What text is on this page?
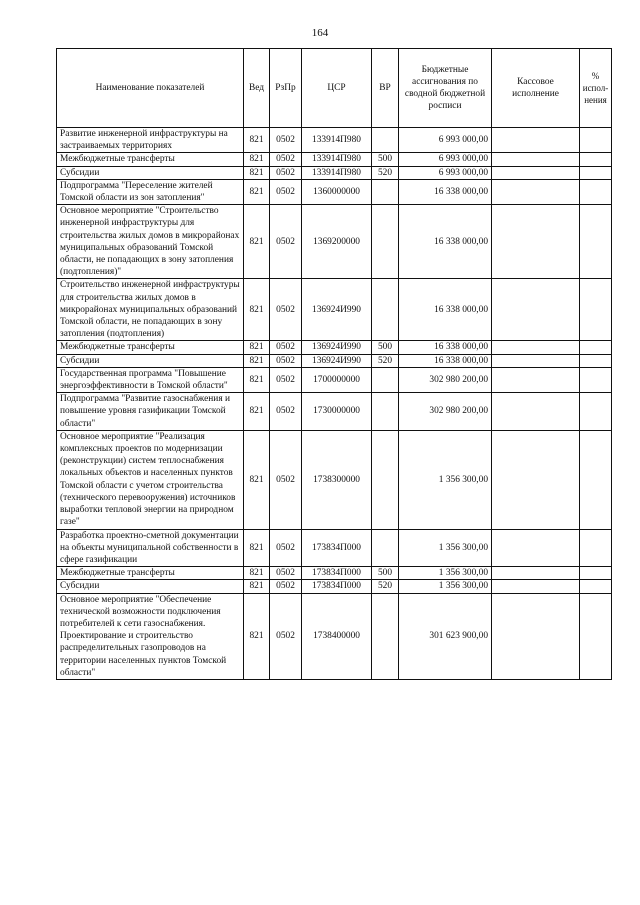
164
Наименование показателей	Вед	РзПр	ЦСР	ВР	Бюджетные ассигнования по сводной бюджетной росписи	Кассовое исполнение	% испол-нения
Развитие инженерной инфраструктуры на застраиваемых территориях	821	0502	133914П980		6 993 000,00		
Межбюджетные трансферты	821	0502	133914П980	500	6 993 000,00		
Субсидии	821	0502	133914П980	520	6 993 000,00		
Подпрограмма "Переселение жителей Томской области из зон затопления"	821	0502	1360000000		16 338 000,00		
Основное мероприятие "Строительство инженерной инфраструктуры для строительства жилых домов в микрорайонах муниципальных образований Томской области, не попадающих в зону затопления (подтопления)"	821	0502	1369200000		16 338 000,00		
Строительство инженерной инфраструктуры для строительства жилых домов в микрорайонах муниципальных образований Томской области, не попадающих в зону затопления (подтопления)	821	0502	136924И990		16 338 000,00		
Межбюджетные трансферты	821	0502	136924И990	500	16 338 000,00		
Субсидии	821	0502	136924И990	520	16 338 000,00		
Государственная программа "Повышение энергоэффективности в Томской области"	821	0502	1700000000		302 980 200,00		
Подпрограмма "Развитие газоснабжения и повышение уровня газификации Томской области"	821	0502	1730000000		302 980 200,00		
Основное мероприятие "Реализация комплексных проектов по модернизации (реконструкции) систем теплоснабжения локальных объектов и населенных пунктов Томской области с учетом строительства (технического перевооружения) источников выработки тепловой энергии на природном газе"	821	0502	1738300000		1 356 300,00		
Разработка проектно-сметной документации на объекты муниципальной собственности в сфере газификации	821	0502	173834П000		1 356 300,00		
Межбюджетные трансферты	821	0502	173834П000	500	1 356 300,00		
Субсидии	821	0502	173834П000	520	1 356 300,00		
Основное мероприятие "Обеспечение технической возможности подключения потребителей к сети газоснабжения. Проектирование и строительство распределительных газопроводов на территории населенных пунктов Томской области"	821	0502	1738400000		301 623 900,00		
